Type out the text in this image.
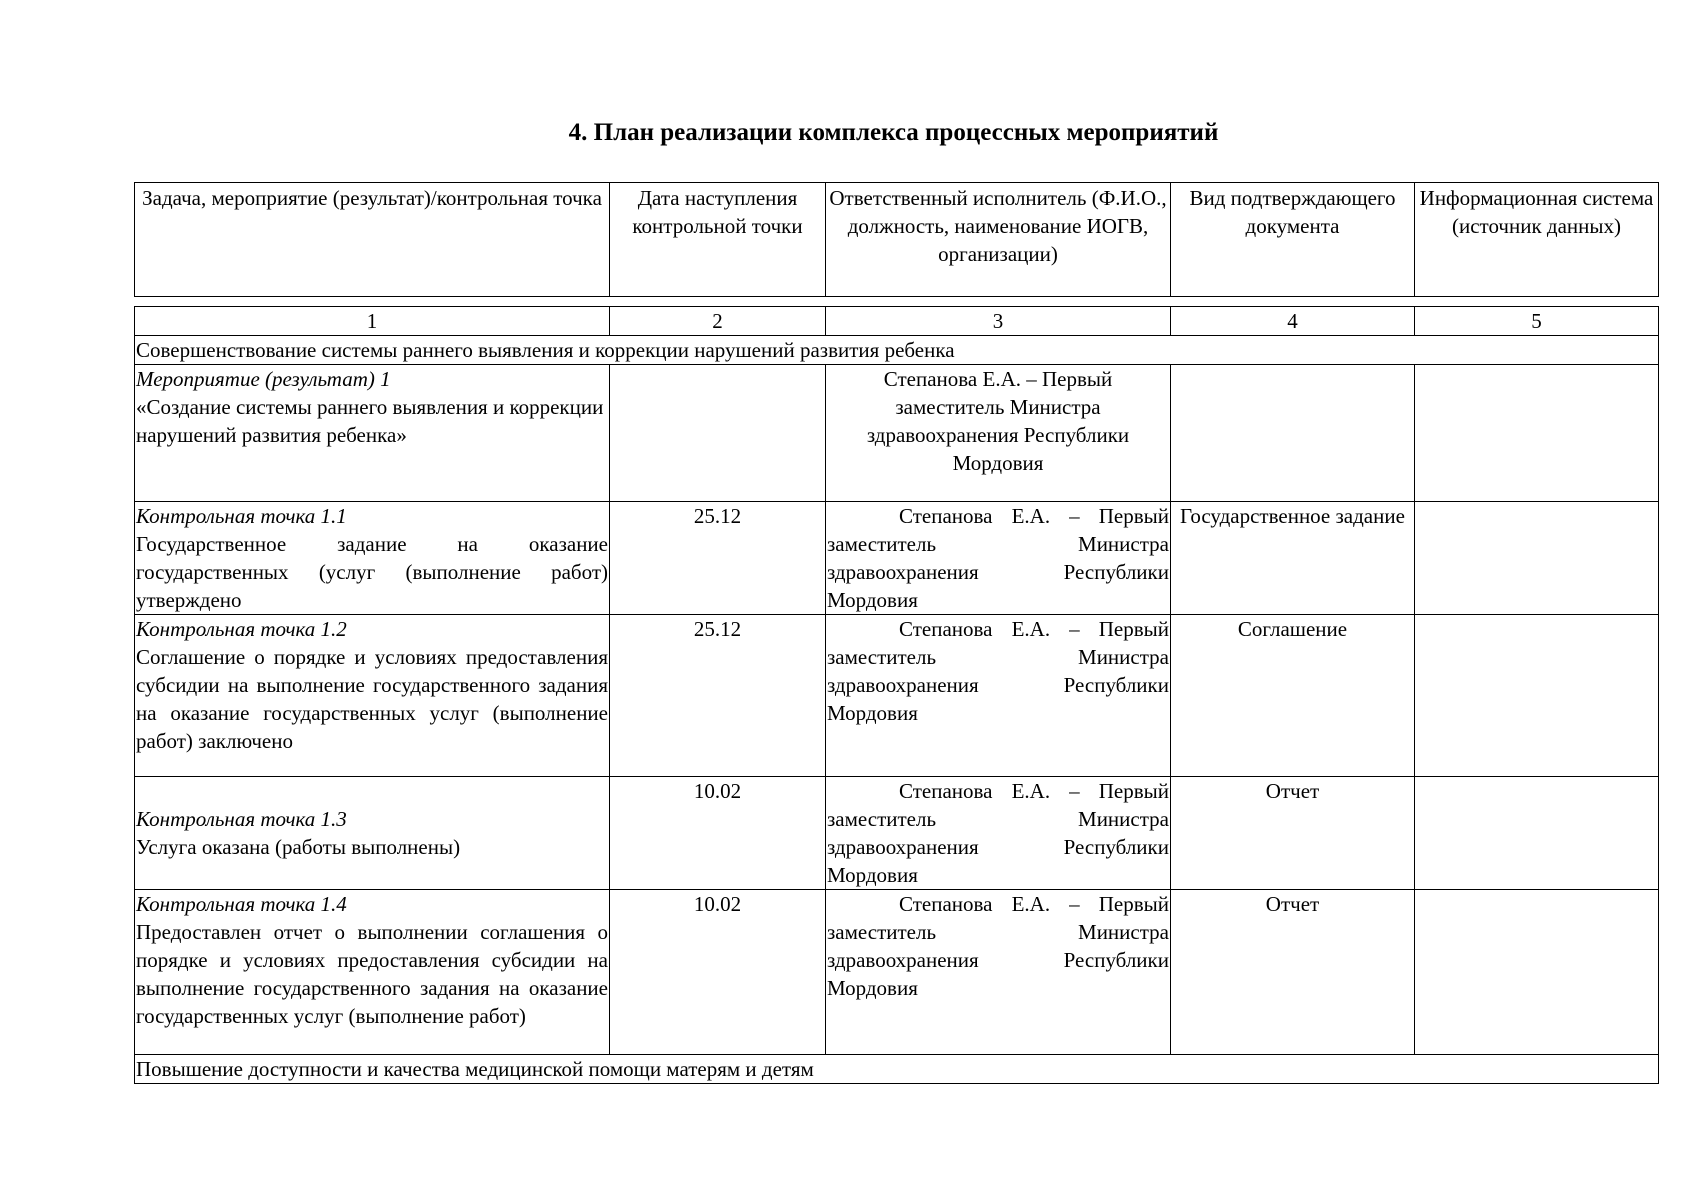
4. План реализации комплекса процессных мероприятий
Задача, мероприятие (результат)/контрольная точка	Дата наступления контрольной точки	Ответственный исполнитель (Ф.И.О., должность, наименование ИОГВ, организации)	Вид подтверждающего документа	Информационная система (источник данных)
1	2	3	4	5
Совершенствование системы раннего выявления и коррекции нарушений развития ребенка				

Мероприятие (результат) 1
«Создание системы раннего выявления и коррекции нарушений развития ребенка»		Степанова Е.А. – Первый заместитель Министра здравоохранения Республики Мордовия		

Контрольная точка 1.1
Государственное задание на оказание государственных (услуг (выполнение работ) утверждено	25.12	Степанова Е.А. – Первый заместитель Министра здравоохранения Республики Мордовия	Государственное задание	

Контрольная точка 1.2
Соглашение о порядке и условиях предоставления субсидии на выполнение государственного задания на оказание государственных услуг (выполнение работ) заключено	25.12	Степанова Е.А. – Первый заместитель Министра здравоохранения Республики Мордовия	Соглашение	

Контрольная точка 1.3
Услуга оказана (работы выполнены)	10.02	Степанова Е.А. – Первый заместитель Министра здравоохранения Республики Мордовия	Отчет	

Контрольная точка 1.4
Предоставлен отчет о выполнении соглашения о порядке и условиях предоставления субсидии на выполнение государственного задания на оказание государственных услуг (выполнение работ)	10.02	Степанова Е.А. – Первый заместитель Министра здравоохранения Республики Мордовия	Отчет	
Повышение доступности и качества медицинской помощи матерям и детям				
